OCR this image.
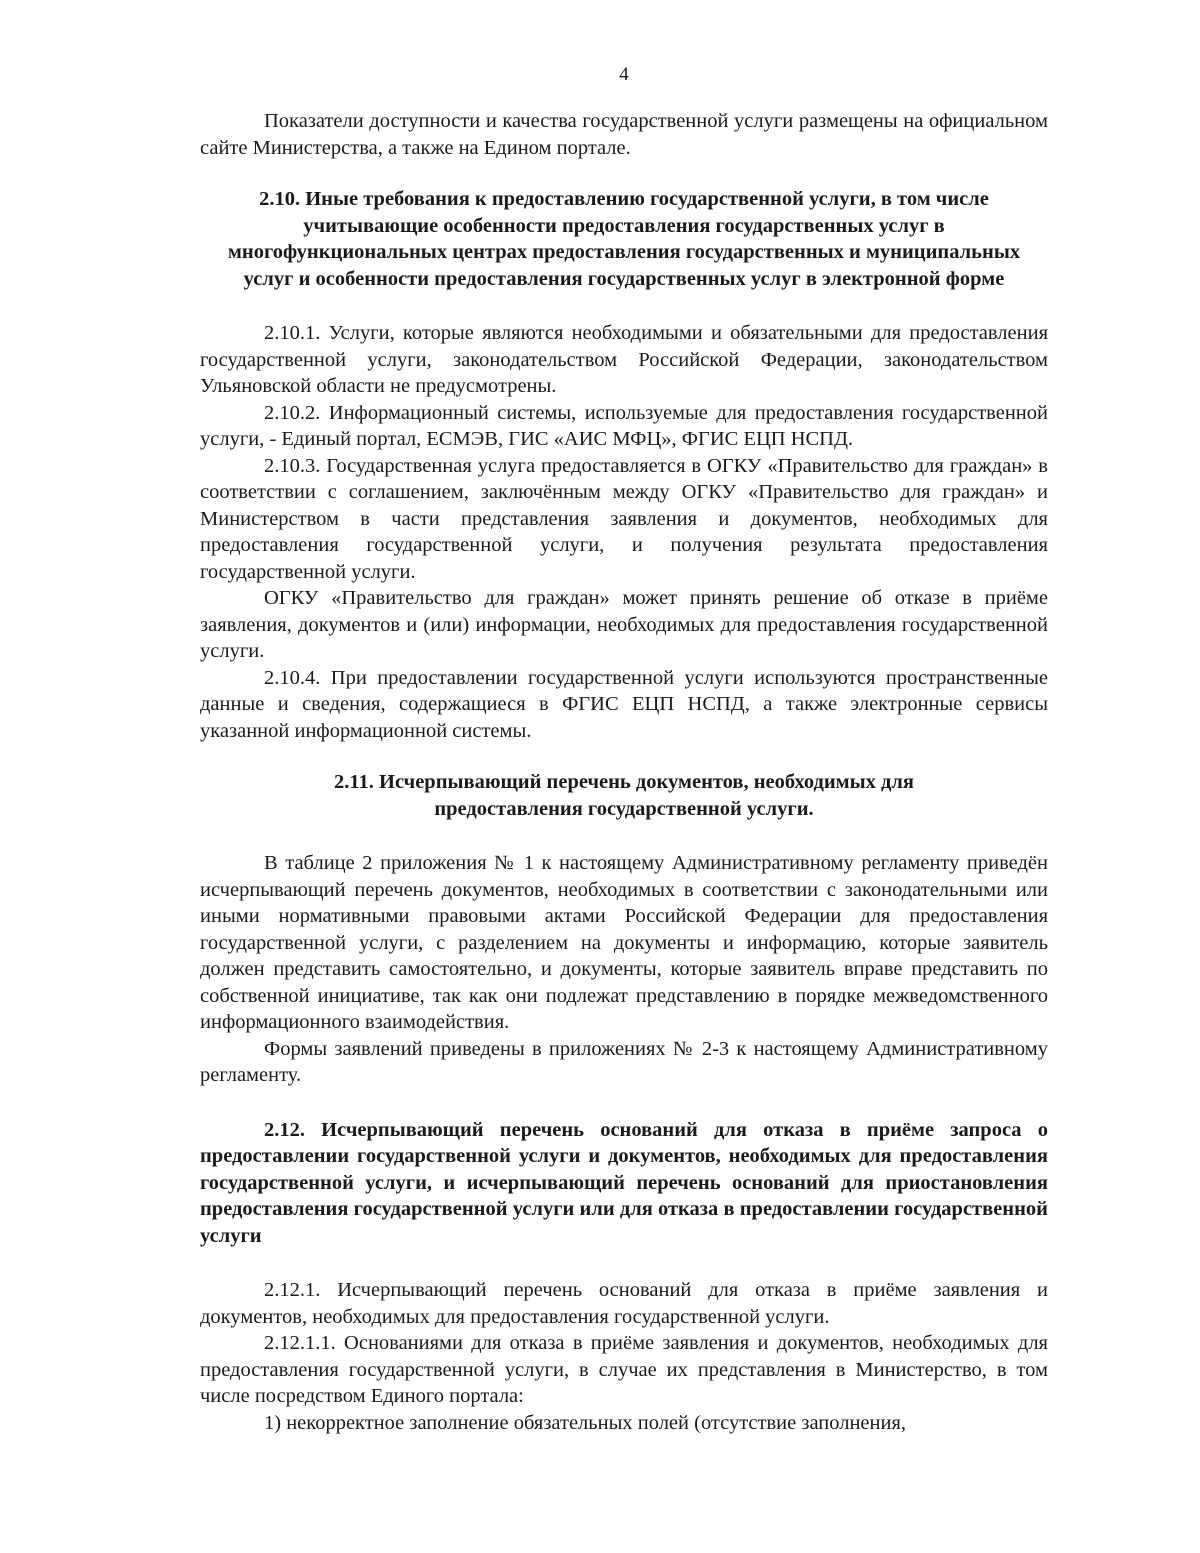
4

Показатели доступности и качества государственной услуги размещены на официальном сайте Министерства, а также на Едином портале.

2.10. Иные требования к предоставлению государственной услуги, в том числе учитывающие особенности предоставления государственных услуг в многофункциональных центрах предоставления государственных и муниципальных услуг и особенности предоставления государственных услуг в электронной форме

2.10.1. Услуги, которые являются необходимыми и обязательными для предоставления государственной услуги, законодательством Российской Федерации, законодательством Ульяновской области не предусмотрены.

2.10.2. Информационный системы, используемые для предоставления государственной услуги, - Единый портал, ЕСМЭВ, ГИС «АИС МФЦ», ФГИС ЕЦП НСПД.

2.10.3. Государственная услуга предоставляется в ОГКУ «Правительство для граждан» в соответствии с соглашением, заключённым между ОГКУ «Правительство для граждан» и Министерством в части представления заявления и документов, необходимых для предоставления государственной услуги, и получения результата предоставления государственной услуги.

ОГКУ «Правительство для граждан» может принять решение об отказе в приёме заявления, документов и (или) информации, необходимых для предоставления государственной услуги.

2.10.4. При предоставлении государственной услуги используются пространственные данные и сведения, содержащиеся в ФГИС ЕЦП НСПД, а также электронные сервисы указанной информационной системы.

2.11. Исчерпывающий перечень документов, необходимых для предоставления государственной услуги.

В таблице 2 приложения № 1 к настоящему Административному регламенту приведён исчерпывающий перечень документов, необходимых в соответствии с законодательными или иными нормативными правовыми актами Российской Федерации для предоставления государственной услуги, с разделением на документы и информацию, которые заявитель должен представить самостоятельно, и документы, которые заявитель вправе представить по собственной инициативе, так как они подлежат представлению в порядке межведомственного информационного взаимодействия.

Формы заявлений приведены в приложениях № 2-3 к настоящему Административному регламенту.

2.12. Исчерпывающий перечень оснований для отказа в приёме запроса о предоставлении государственной услуги и документов, необходимых для предоставления государственной услуги, и исчерпывающий перечень оснований для приостановления предоставления государственной услуги или для отказа в предоставлении государственной услуги

2.12.1. Исчерпывающий перечень оснований для отказа в приёме заявления и документов, необходимых для предоставления государственной услуги.

2.12.1.1. Основаниями для отказа в приёме заявления и документов, необходимых для предоставления государственной услуги, в случае их представления в Министерство, в том числе посредством Единого портала:

1) некорректное заполнение обязательных полей (отсутствие заполнения,
